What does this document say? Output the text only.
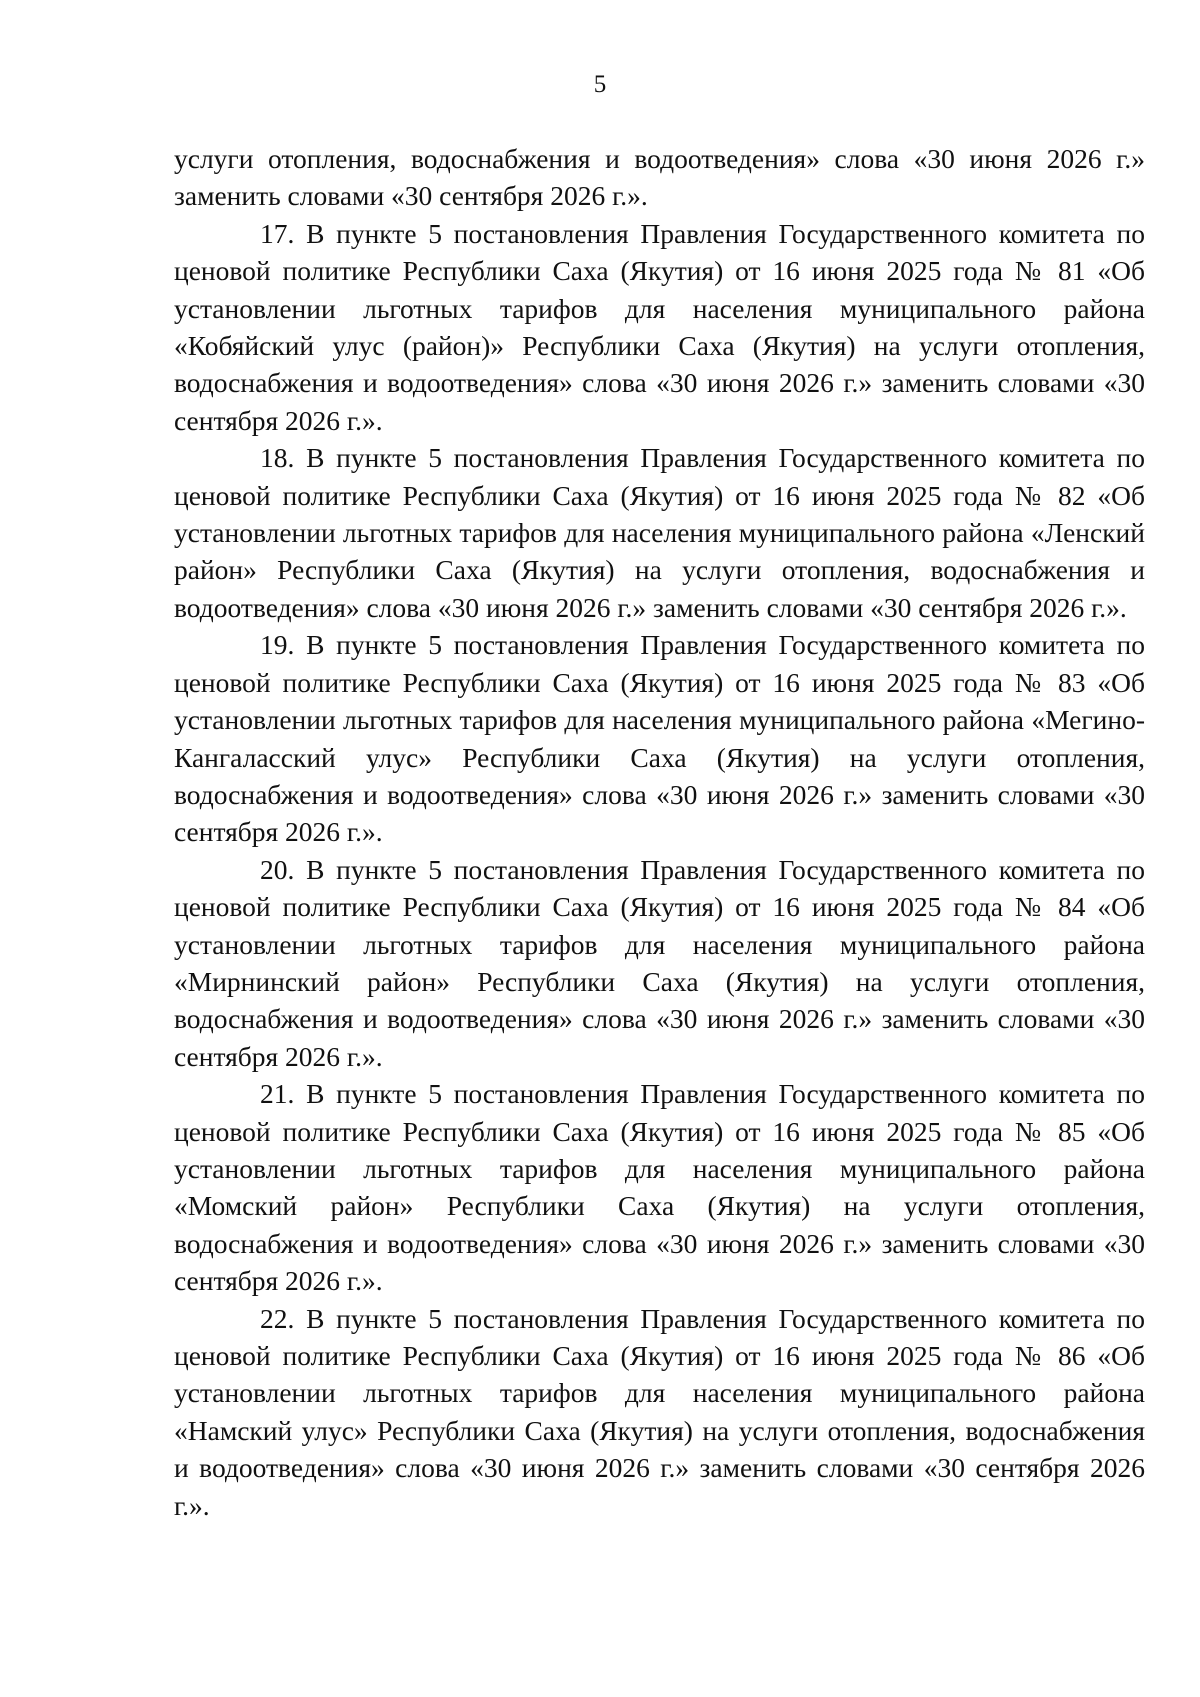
5

услуги отопления, водоснабжения и водоотведения» слова «30 июня 2026 г.» заменить словами «30 сентября 2026 г.».

17. В пункте 5 постановления Правления Государственного комитета по ценовой политике Республики Саха (Якутия) от 16 июня 2025 года № 81 «Об установлении льготных тарифов для населения муниципального района «Кобяйский улус (район)» Республики Саха (Якутия) на услуги отопления, водоснабжения и водоотведения» слова «30 июня 2026 г.» заменить словами «30 сентября 2026 г.».

18. В пункте 5 постановления Правления Государственного комитета по ценовой политике Республики Саха (Якутия) от 16 июня 2025 года № 82 «Об установлении льготных тарифов для населения муниципального района «Ленский район» Республики Саха (Якутия) на услуги отопления, водоснабжения и водоотведения» слова «30 июня 2026 г.» заменить словами «30 сентября 2026 г.».

19. В пункте 5 постановления Правления Государственного комитета по ценовой политике Республики Саха (Якутия) от 16 июня 2025 года № 83 «Об установлении льготных тарифов для населения муниципального района «Мегино-Кангаласский улус» Республики Саха (Якутия) на услуги отопления, водоснабжения и водоотведения» слова «30 июня 2026 г.» заменить словами «30 сентября 2026 г.».

20. В пункте 5 постановления Правления Государственного комитета по ценовой политике Республики Саха (Якутия) от 16 июня 2025 года № 84 «Об установлении льготных тарифов для населения муниципального района «Мирнинский район» Республики Саха (Якутия) на услуги отопления, водоснабжения и водоотведения» слова «30 июня 2026 г.» заменить словами «30 сентября 2026 г.».

21. В пункте 5 постановления Правления Государственного комитета по ценовой политике Республики Саха (Якутия) от 16 июня 2025 года № 85 «Об установлении льготных тарифов для населения муниципального района «Момский район» Республики Саха (Якутия) на услуги отопления, водоснабжения и водоотведения» слова «30 июня 2026 г.» заменить словами «30 сентября 2026 г.».

22. В пункте 5 постановления Правления Государственного комитета по ценовой политике Республики Саха (Якутия) от 16 июня 2025 года № 86 «Об установлении льготных тарифов для населения муниципального района «Намский улус» Республики Саха (Якутия) на услуги отопления, водоснабжения и водоотведения» слова «30 июня 2026 г.» заменить словами «30 сентября 2026 г.».
